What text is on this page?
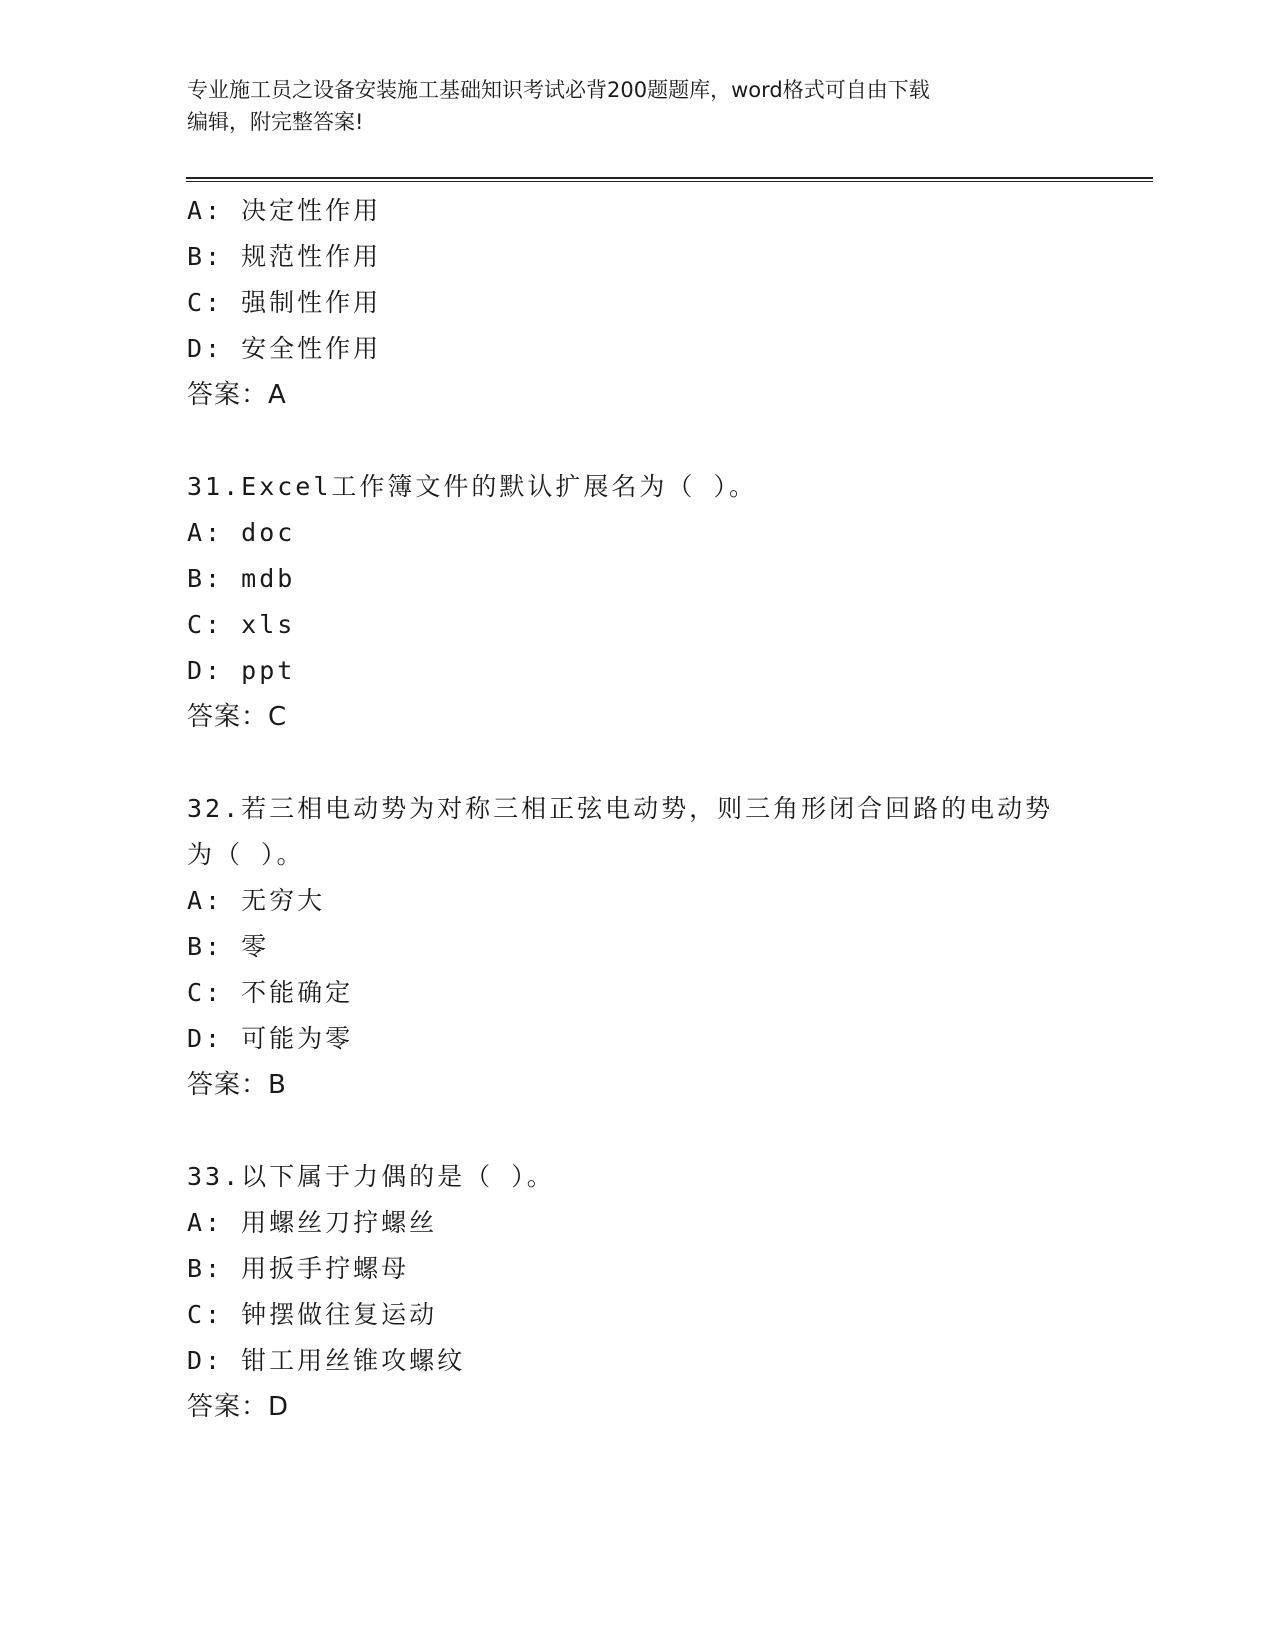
专业施工员之设备安装施工基础知识考试必背200题题库，word格式可自由下载
编辑，附完整答案!
A: 决定性作用
B: 规范性作用
C: 强制性作用
D: 安全性作用
答案：A
31.Excel工作簿文件的默认扩展名为（ ）。
A: doc
B: mdb
C: xls
D: ppt
答案：C
32.若三相电动势为对称三相正弦电动势，则三角形闭合回路的电动势
为（ ）。
A: 无穷大
B: 零
C: 不能确定
D: 可能为零
答案：B
33.以下属于力偶的是（ ）。
A: 用螺丝刀拧螺丝
B: 用扳手拧螺母
C: 钟摆做往复运动
D: 钳工用丝锥攻螺纹
答案：D
